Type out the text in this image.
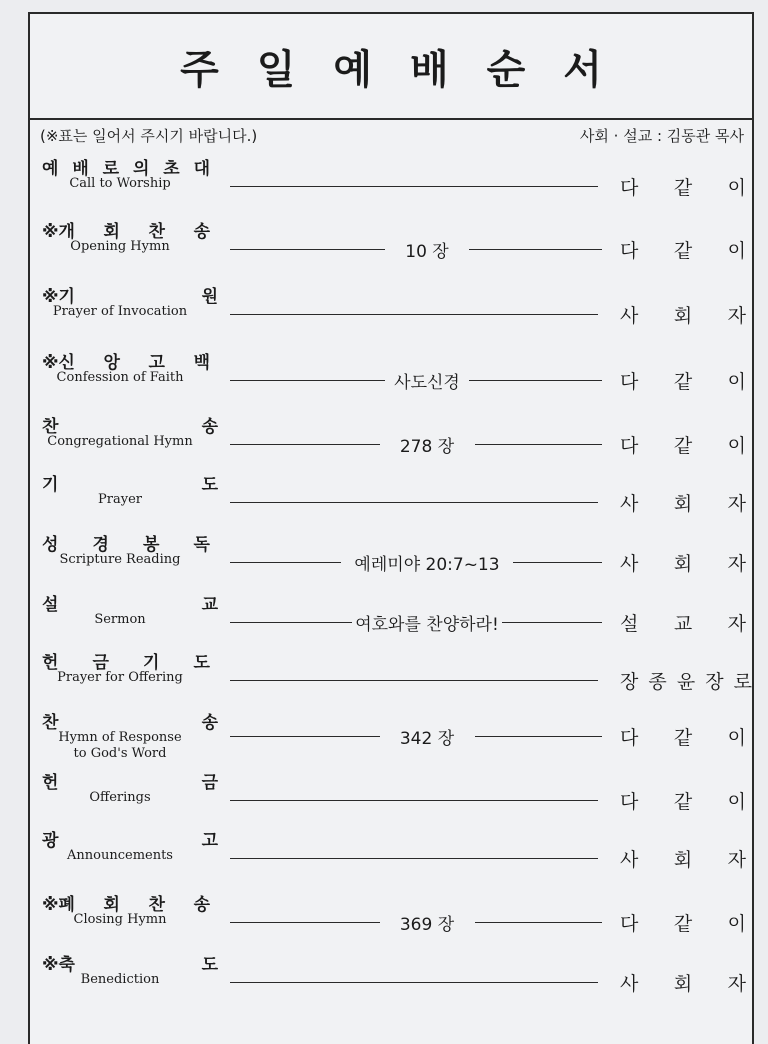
주일예배순서
(※표는 일어서 주시기 바랍니다.)	사회 · 설교 : 김동관 목사
예 배 로 의 초 대
Call to Worship	다 같 이
※개 회 찬 송
Opening Hymn	10 장	다 같 이
※기	원
Prayer of Invocation	사 회 자
※신 앙 고 백
Confession of Faith	사도신경	다 같 이
찬	송
Congregational Hymn	278 장	다 같 이
기	도
Prayer	사 회 자
성 경 봉 독
Scripture Reading	예레미야 20:7~13	사 회 자
설	교
Sermon	여호와를 찬양하라!	설 교 자
헌 금 기 도
Prayer for Offering	장 종 윤 장 로
찬	송
Hymn of Response
to God's Word
342 장	다 같 이
헌	금
Offerings	다 같 이
광	고
Announcements	사 회 자
※폐 회 찬 송
Closing Hymn	369 장	다 같 이
※축	도
Benediction	사 회 자
